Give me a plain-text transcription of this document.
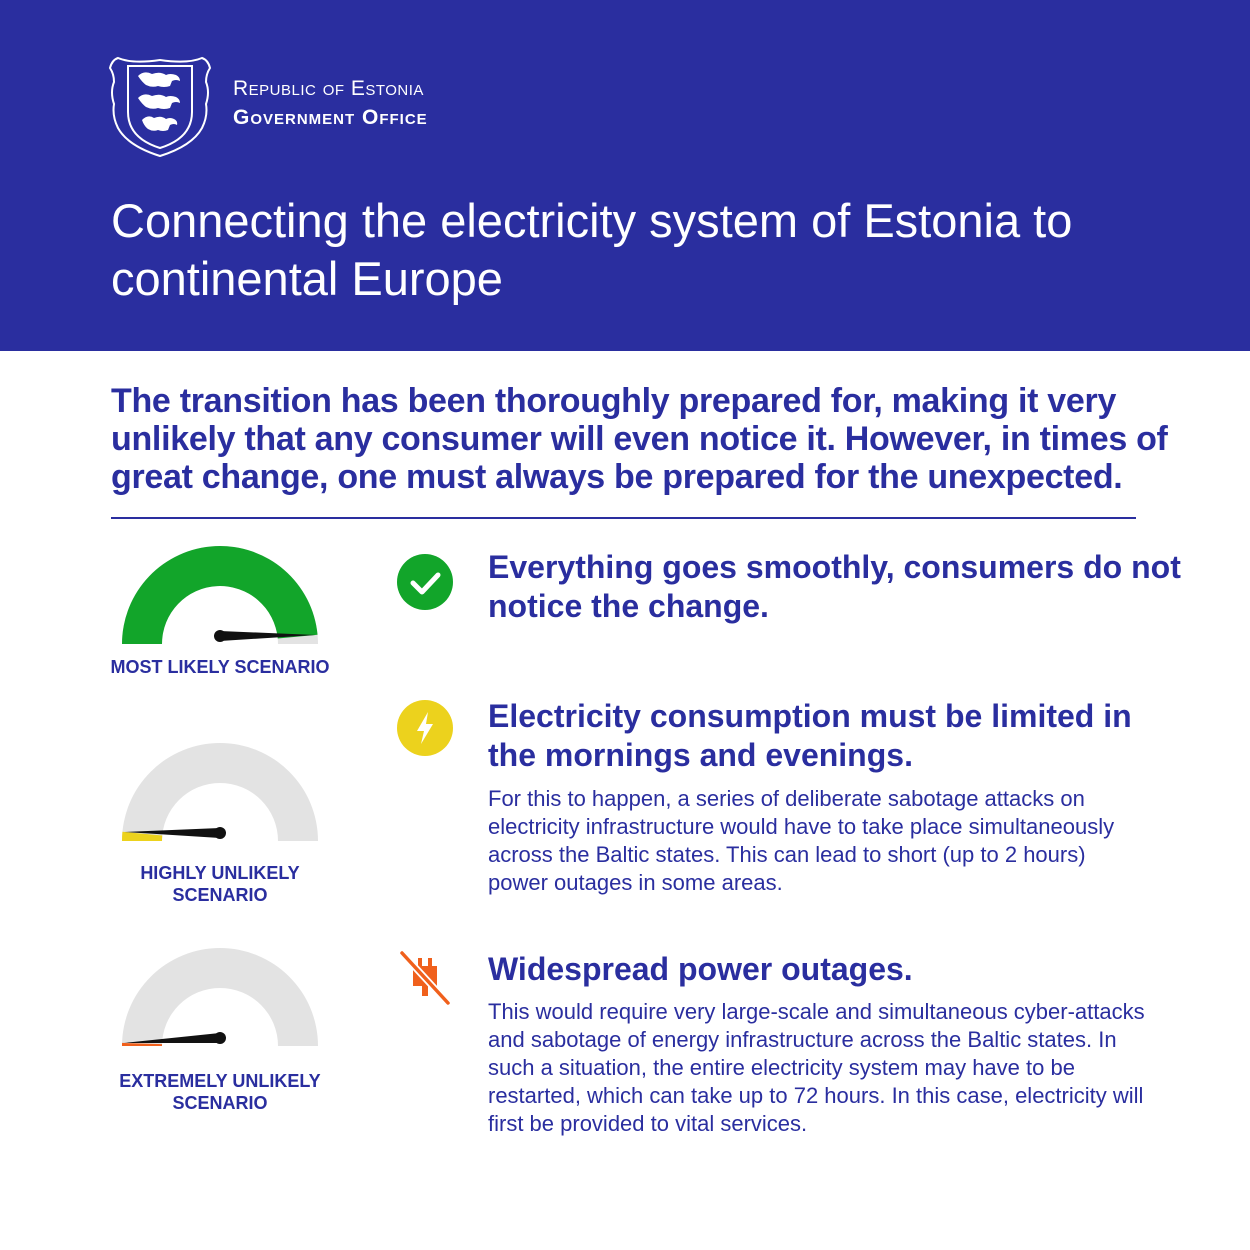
Republic of Estonia
Government Office
Connecting the electricity system of Estonia to continental Europe

The transition has been thoroughly prepared for, making it very unlikely that any consumer will even notice it. However, in times of great change, one must always be prepared for the unexpected.

MOST LIKELY SCENARIO

Everything goes smoothly, consumers do not notice the change.

HIGHLY UNLIKELY SCENARIO

Electricity consumption must be limited in the mornings and evenings.

For this to happen, a series of deliberate sabotage attacks on electricity infrastructure would have to take place simultaneously across the Baltic states. This can lead to short (up to 2 hours) power outages in some areas.

EXTREMELY UNLIKELY SCENARIO

Widespread power outages.

This would require very large-scale and simultaneous cyber-attacks and sabotage of energy infrastructure across the Baltic states. In such a situation, the entire electricity system may have to be restarted, which can take up to 72 hours. In this case, electricity will first be provided to vital services.
